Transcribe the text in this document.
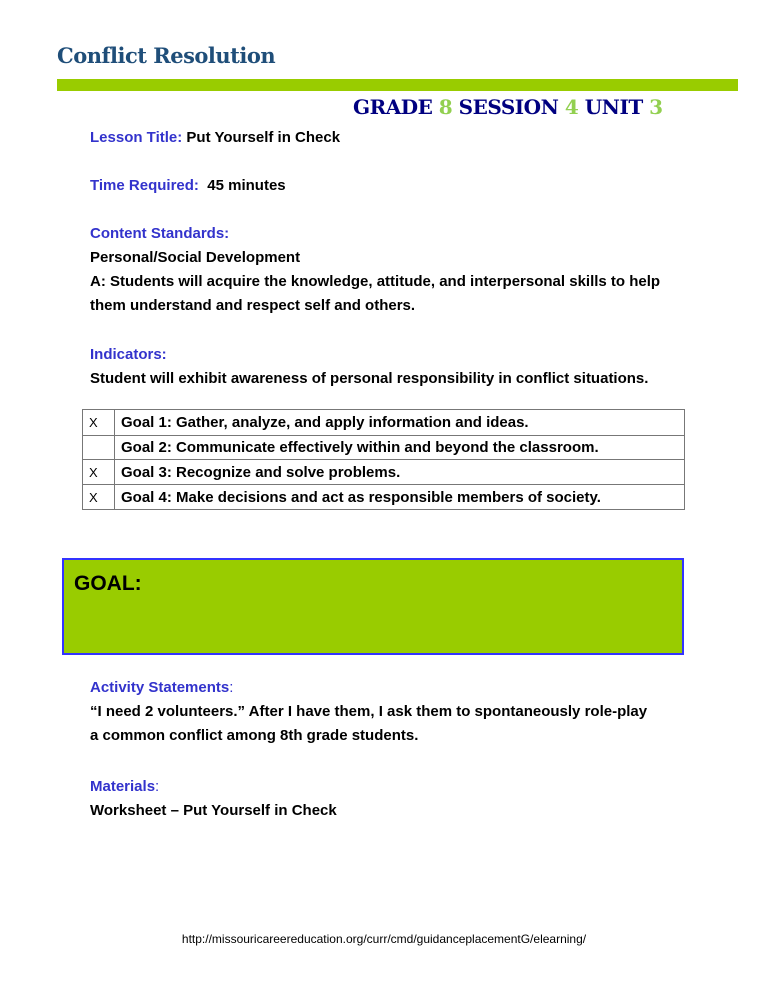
Conflict Resolution
GRADE 8 SESSION 4 UNIT 3
Lesson Title: Put Yourself in Check
Time Required: 45 minutes
Content Standards:
Personal/Social Development
A: Students will acquire the knowledge, attitude, and interpersonal skills to help
them understand and respect self and others.
Indicators:
Student will exhibit awareness of personal responsibility in conflict situations.
X	Goal 1: Gather, analyze, and apply information and ideas.
	Goal 2: Communicate effectively within and beyond the classroom.
X	Goal 3: Recognize and solve problems.
X	Goal 4: Make decisions and act as responsible members of society.
GOAL:
Activity Statements:
“I need 2 volunteers.” After I have them, I ask them to spontaneously role-play
a common conflict among 8th grade students.
Materials:
Worksheet – Put Yourself in Check
http://missouricareereducation.org/curr/cmd/guidanceplacementG/elearning/
